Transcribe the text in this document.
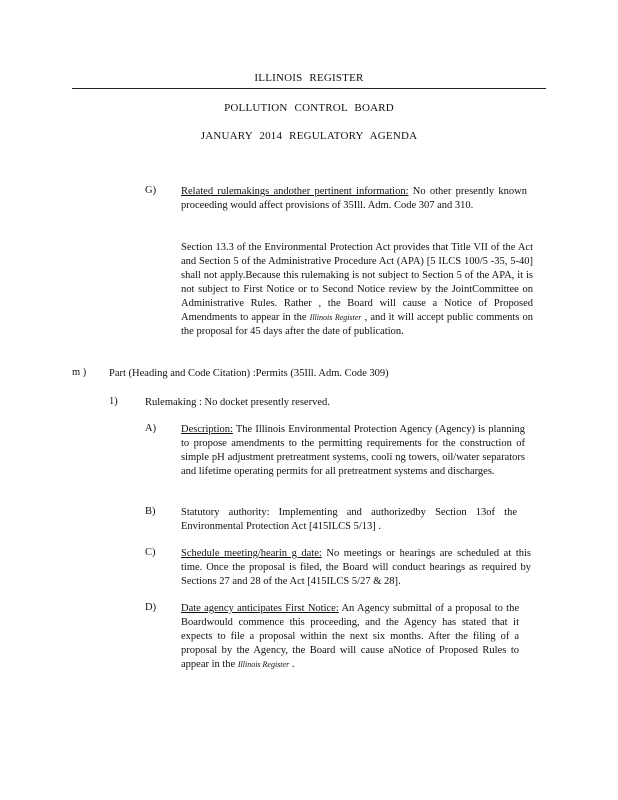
ILLINOIS REGISTER
POLLUTION CONTROL BOARD
JANUARY 2014 REGULATORY AGENDA
G) Related rulemakings andother pertinent information: No other presently known proceeding would affect provisions of 35Ill. Adm. Code 307 and 310.
Section 13.3 of the Environmental Protection Act provides that Title VII of the Act and Section 5 of the Administrative Procedure Act (APA) [5 ILCS 100/5 -35, 5-40] shall not apply.Because this rulemaking is not subject to Section 5 of the APA, it is not subject to First Notice or to Second Notice review by the JointCommittee on Administrative Rules. Rather , the Board will cause a Notice of Proposed Amendments to appear in the Illinois Register , and it will accept public comments on the proposal for 45 days after the date of publication.
m ) Part (Heading and Code Citation) :Permits (35Ill. Adm. Code 309)
1)	Rulemaking : No docket presently reserved.
A) Description: The Illinois Environmental Protection Agency (Agency) is planning to propose amendments to the permitting requirements for the construction of simple pH adjustment pretreatment systems, cooli ng towers, oil/water separators and lifetime operating permits for all pretreatment systems and discharges.
B) Statutory authority: Implementing and authorizedby Section 13of the Environmental Protection Act [415ILCS 5/13] .
C) Schedule meeting/hearin g date: No meetings or hearings are scheduled at this time. Once the proposal is filed, the Board will conduct hearings as required by Sections 27 and 28 of the Act [415ILCS 5/27 & 28].
D) Date agency anticipates First Notice: An Agency submittal of a proposal to the Boardwould commence this proceeding, and the Agency has stated that it expects to file a proposal within the next six months. After the filing of a proposal by the Agency, the Board will cause aNotice of Proposed Rules to appear in the Illinois Register .
